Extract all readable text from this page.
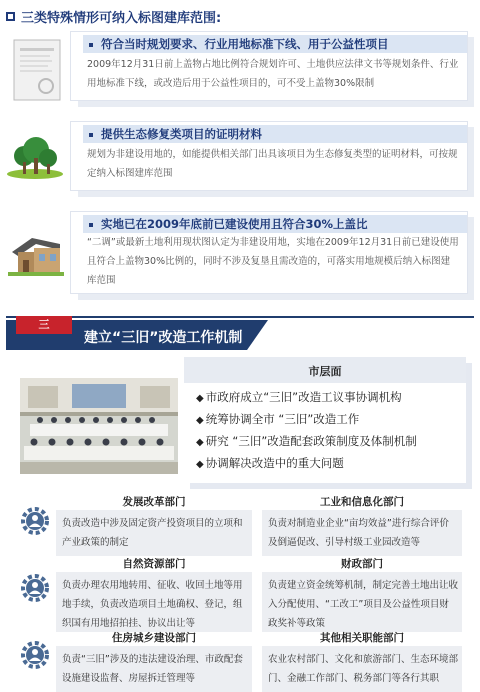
三类特殊情形可纳入标图建库范围:
符合当时规划要求、行业用地标准下线、用于公益性项目
2009年12月31日前上盖物占地比例符合规划许可、土地供应法律文书等规划条件、行业用地标准下线，或改造后用于公益性项目的，可不受上盖物30%限制
提供生态修复类项目的证明材料
规划为非建设用地的，如能提供相关部门出具该项目为生态修复类型的证明材料，可按规定纳入标图建库范围
实地已在2009年底前已建设使用且符合30%上盖比
“二调”或最新土地利用现状图认定为非建设用地，实地在2009年12月31日前已建设使用且符合上盖物30%比例的，同时不涉及复垦且需改造的，可落实用地规模后纳入标图建库范围
三
建立“三旧”改造工作机制
市层面
◆ 市政府成立“三旧”改造工议事协调机构
◆ 统筹协调全市 “三旧”改造工作
◆ 研究 “三旧”改造配套政策制度及体制机制
◆ 协调解决改造中的重大问题
发展改革部门
负责改造中涉及固定资产投资项目的立项和产业政策的制定
工业和信息化部门
负责对制造业企业“亩均效益”进行综合评价及倒逼促改、引导村级工业园改造等
自然资源部门
负责办理农用地转用、征收、收回土地等用地手续，负责改造项目土地确权、登记，组织国有用地招拍挂、协议出让等
财政部门
负责建立资金统筹机制，制定完善土地出让收入分配使用、“工改工”项目及公益性项目财政奖补等政策
住房城乡建设部门
负责“三旧”涉及的违法建设治理、市政配套设施建设监督、房屋拆迁管理等
其他相关职能部门
农业农村部门、文化和旅游部门、生态环境部门、金融工作部门、税务部门等各行其职
